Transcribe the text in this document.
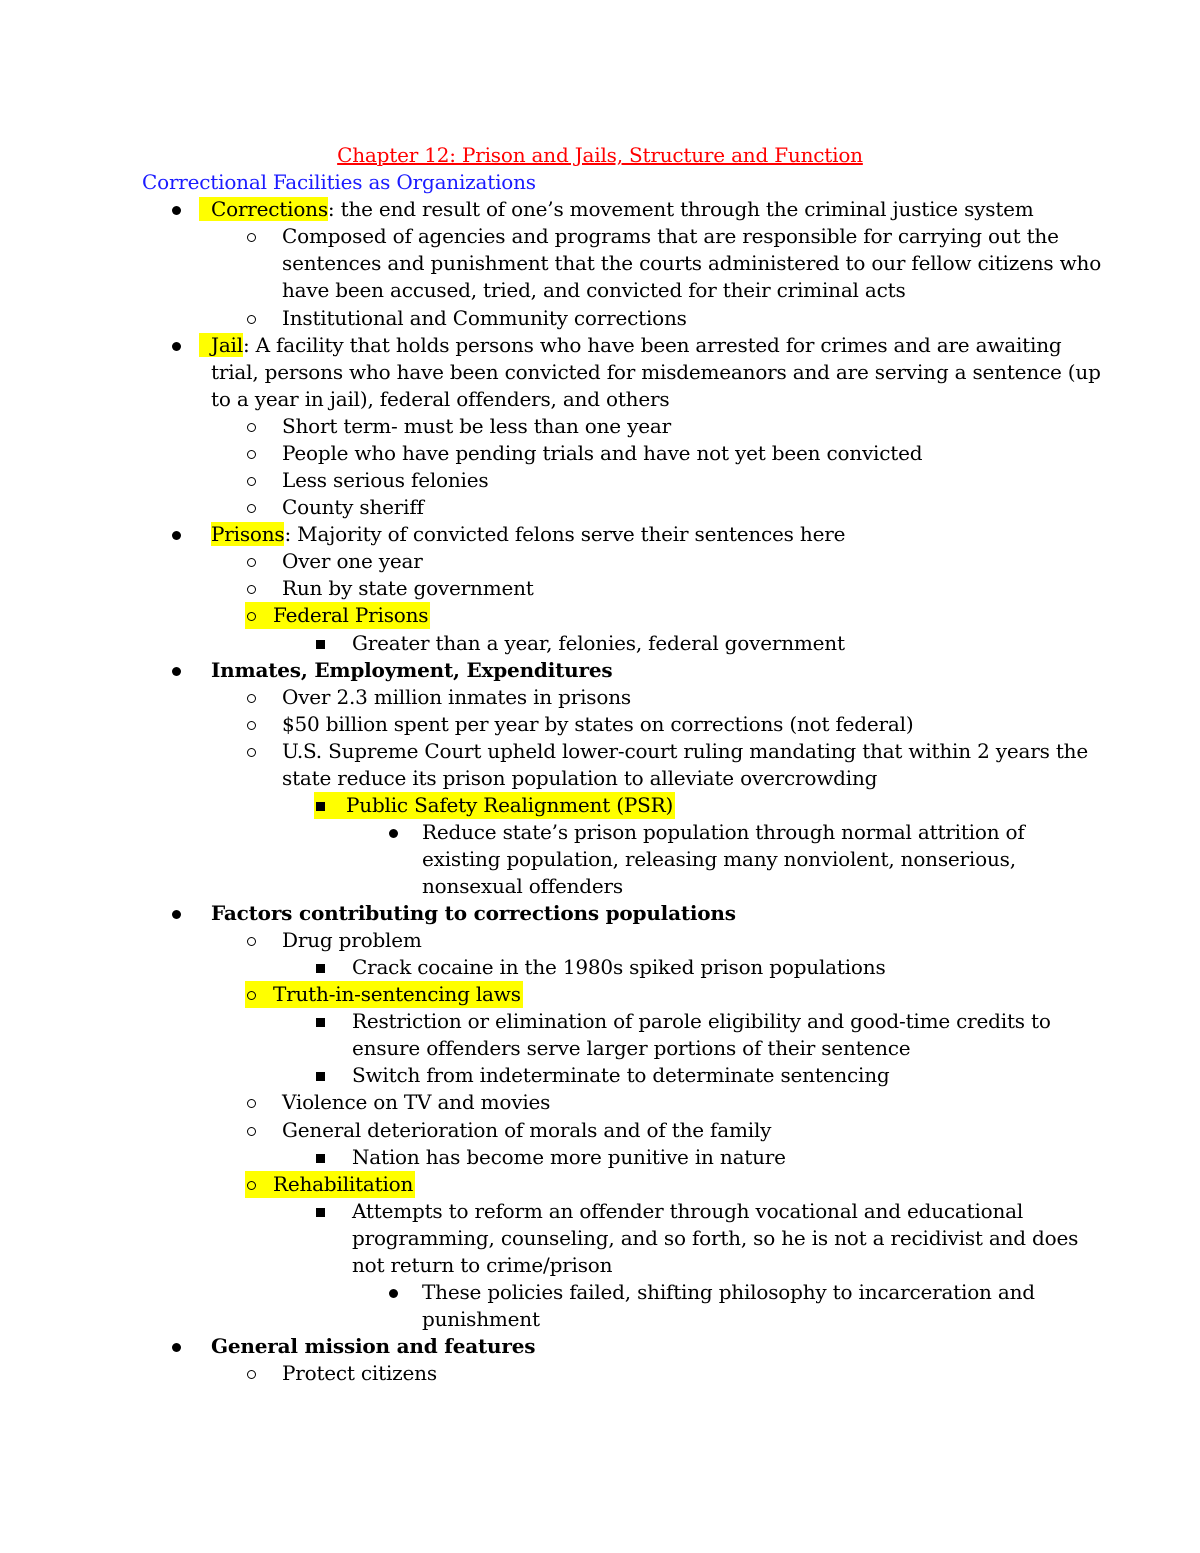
Chapter 12: Prison and Jails, Structure and Function
Correctional Facilities as Organizations
Corrections: the end result of one’s movement through the criminal justice system
Composed of agencies and programs that are responsible for carrying out the
sentences and punishment that the courts administered to our fellow citizens who
have been accused, tried, and convicted for their criminal acts
Institutional and Community corrections
Jail: A facility that holds persons who have been arrested for crimes and are awaiting
trial, persons who have been convicted for misdemeanors and are serving a sentence (up
to a year in jail), federal offenders, and others
Short term- must be less than one year
People who have pending trials and have not yet been convicted
Less serious felonies
County sheriff
Prisons: Majority of convicted felons serve their sentences here
Over one year
Run by state government
Federal Prisons
Greater than a year, felonies, federal government
Inmates, Employment, Expenditures
Over 2.3 million inmates in prisons
$50 billion spent per year by states on corrections (not federal)
U.S. Supreme Court upheld lower-court ruling mandating that within 2 years the
state reduce its prison population to alleviate overcrowding
Public Safety Realignment (PSR)
Reduce state’s prison population through normal attrition of
existing population, releasing many nonviolent, nonserious,
nonsexual offenders
Factors contributing to corrections populations
Drug problem
Crack cocaine in the 1980s spiked prison populations
Truth-in-sentencing laws
Restriction or elimination of parole eligibility and good-time credits to
ensure offenders serve larger portions of their sentence
Switch from indeterminate to determinate sentencing
Violence on TV and movies
General deterioration of morals and of the family
Nation has become more punitive in nature
Rehabilitation
Attempts to reform an offender through vocational and educational
programming, counseling, and so forth, so he is not a recidivist and does
not return to crime/prison
These policies failed, shifting philosophy to incarceration and
punishment
General mission and features
Protect citizens
